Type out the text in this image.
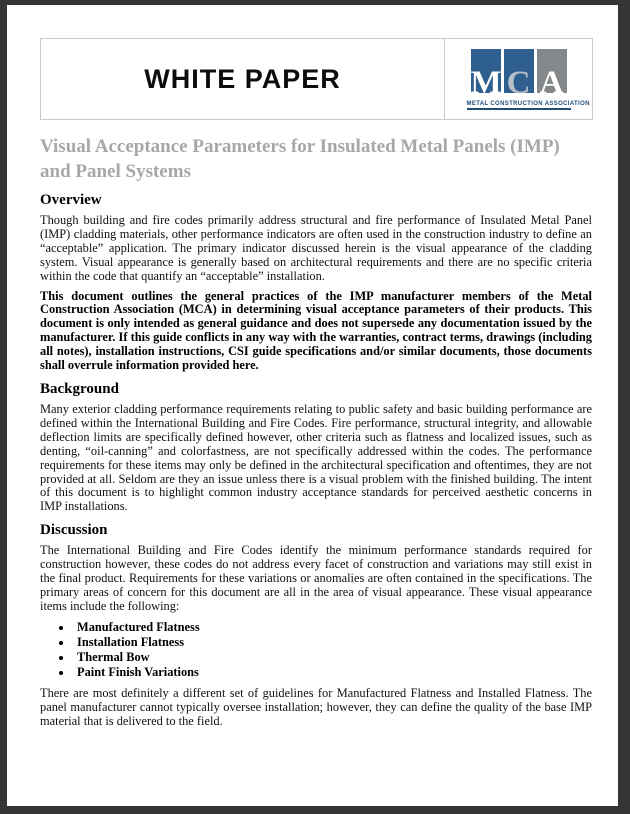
WHITE PAPER	M C A
METAL CONSTRUCTION ASSOCIATION
Visual Acceptance Parameters for Insulated Metal Panels (IMP) and Panel Systems
Overview

Though building and fire codes primarily address structural and fire performance of Insulated Metal Panel (IMP) cladding materials, other performance indicators are often used in the construction industry to define an “acceptable” application. The primary indicator discussed herein is the visual appearance of the cladding system. Visual appearance is generally based on architectural requirements and there are no specific criteria within the code that quantify an “acceptable” installation.

This document outlines the general practices of the IMP manufacturer members of the Metal Construction Association (MCA) in determining visual acceptance parameters of their products. This document is only intended as general guidance and does not supersede any documentation issued by the manufacturer. If this guide conflicts in any way with the warranties, contract terms, drawings (including all notes), installation instructions, CSI guide specifications and/or similar documents, those documents shall overrule information provided here.

Background

Many exterior cladding performance requirements relating to public safety and basic building performance are defined within the International Building and Fire Codes. Fire performance, structural integrity, and allowable deflection limits are specifically defined however, other criteria such as flatness and localized issues, such as denting, “oil-canning” and colorfastness, are not specifically addressed within the codes. The performance requirements for these items may only be defined in the architectural specification and oftentimes, they are not provided at all. Seldom are they an issue unless there is a visual problem with the finished building. The intent of this document is to highlight common industry acceptance standards for perceived aesthetic concerns in IMP installations.

Discussion

The International Building and Fire Codes identify the minimum performance standards required for construction however, these codes do not address every facet of construction and variations may still exist in the final product. Requirements for these variations or anomalies are often contained in the specifications. The primary areas of concern for this document are all in the area of visual appearance. These visual appearance items include the following:

• Manufactured Flatness
• Installation Flatness
• Thermal Bow
• Paint Finish Variations

There are most definitely a different set of guidelines for Manufactured Flatness and Installed Flatness. The panel manufacturer cannot typically oversee installation; however, they can define the quality of the base IMP material that is delivered to the field.
